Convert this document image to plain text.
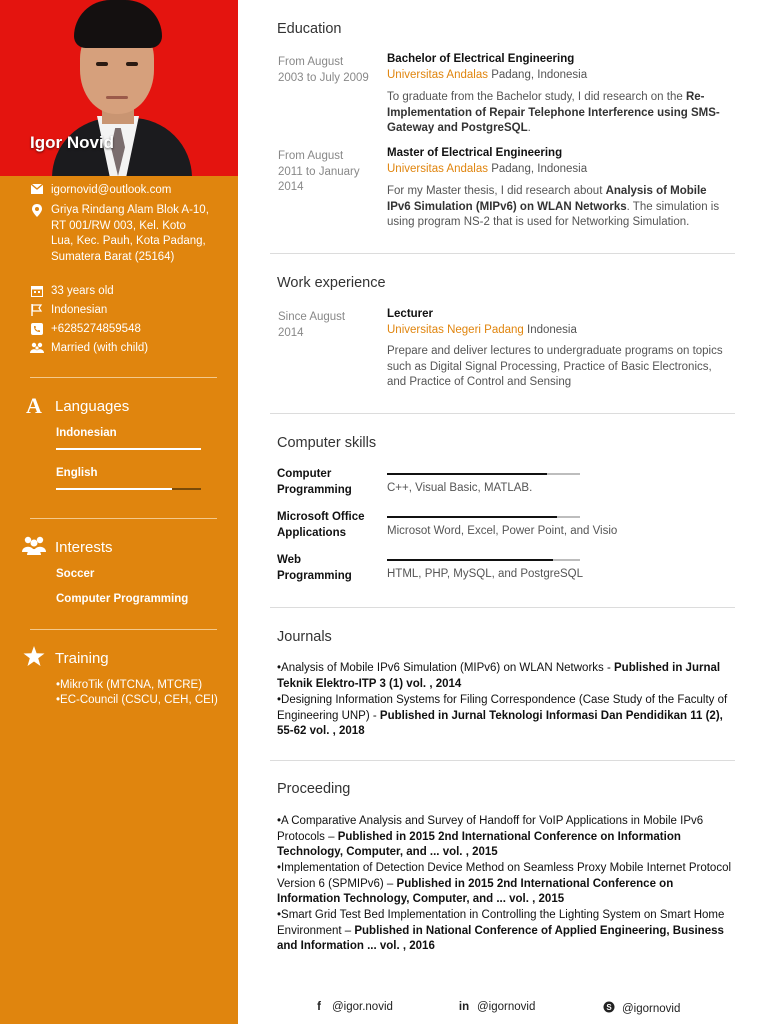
Igor Novid
igornovid@outlook.com
Griya Rindang Alam Blok A-10, RT 001/RW 003, Kel. Koto Lua, Kec. Pauh, Kota Padang, Sumatera Barat (25164)
33 years old
Indonesian
+6285274859548
Married (with child)
A Languages
Indonesian
English
Interests
Soccer
Computer Programming
Training
•MikroTik (MTCNA, MTCRE)
•EC-Council (CSCU, CEH, CEI)
Education
From August 2003 to July 2009
Bachelor of Electrical Engineering
Universitas Andalas Padang, Indonesia
To graduate from the Bachelor study, I did research on the Re-Implementation of Repair Telephone Interference using SMS-Gateway and PostgreSQL.
From August 2011 to January 2014
Master of Electrical Engineering
Universitas Andalas Padang, Indonesia
For my Master thesis, I did research about Analysis of Mobile IPv6 Simulation (MIPv6) on WLAN Networks. The simulation is using program NS-2 that is used for Networking Simulation.
Work experience
Since August 2014
Lecturer
Universitas Negeri Padang Indonesia
Prepare and deliver lectures to undergraduate programs on topics such as Digital Signal Processing, Practice of Basic Electronics, and Practice of Control and Sensing
Computer skills
Computer Programming	C++, Visual Basic, MATLAB.
Microsoft Office Applications	Microsot Word, Excel, Power Point, and Visio
Web Programming	HTML, PHP, MySQL, and PostgreSQL
Journals
•Analysis of Mobile IPv6 Simulation (MIPv6) on WLAN Networks - Published in Jurnal Teknik Elektro-ITP 3 (1) vol. , 2014
•Designing Information Systems for Filing Correspondence (Case Study of the Faculty of Engineering UNP) - Published in Jurnal Teknologi Informasi Dan Pendidikan 11 (2), 55-62 vol. , 2018
Proceeding
•A Comparative Analysis and Survey of Handoff for VoIP Applications in Mobile IPv6 Protocols – Published in 2015 2nd International Conference on Information Technology, Computer, and ... vol. , 2015
•Implementation of Detection Device Method on Seamless Proxy Mobile Internet Protocol Version 6 (SPMIPv6) – Published in 2015 2nd International Conference on Information Technology, Computer, and ... vol. , 2015
•Smart Grid Test Bed Implementation in Controlling the Lighting System on Smart Home Environment – Published in National Conference of Applied Engineering, Business and Information ... vol. , 2016
f @igor.novid	in @igornovid	S @igornovid
